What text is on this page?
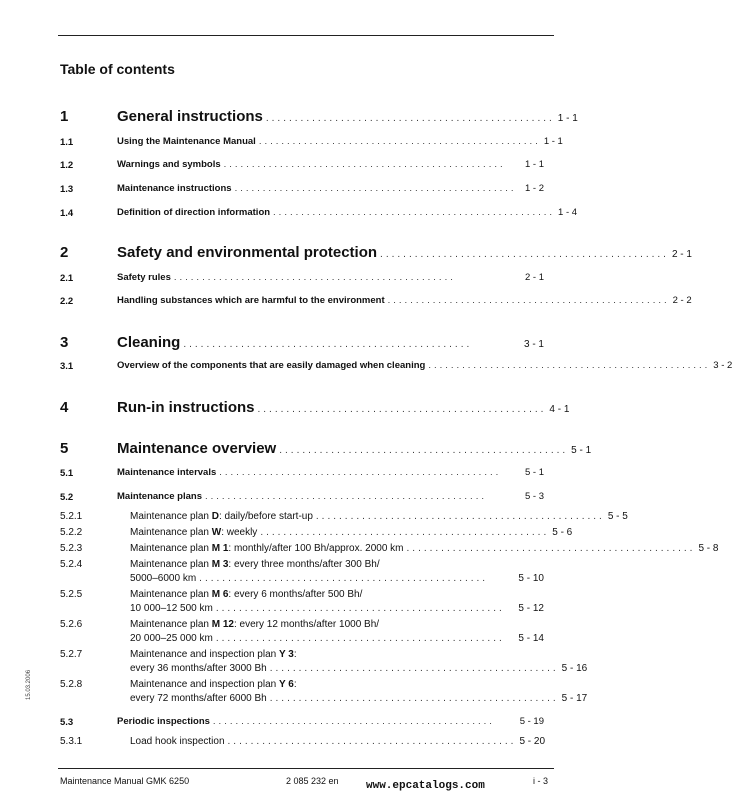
Table of contents
1	General instructions .................................................. 1 - 1
1.1	Using the Maintenance Manual .................................................. 1 - 1
1.2	Warnings and symbols ..................................................	1 - 1
1.3	Maintenance instructions .................................................. 1 - 2
1.4	Definition of direction information .................................................. 1 - 4
2	Safety and environmental protection .................................................. 2 - 1
2.1	Safety rules ..................................................	2 - 1
2.2	Handling substances which are harmful to the environment .................................................. 2 - 2
3	Cleaning ..................................................	3 - 1
3.1	Overview of the components that are easily damaged when cleaning .................................................. 3 - 2
4	Run-in instructions .................................................. 4 - 1
5	Maintenance overview .................................................. 5 - 1
5.1	Maintenance intervals ..................................................	5 - 1
5.2	Maintenance plans ..................................................	5 - 3
5.2.1	Maintenance plan D: daily/before start-up .................................................. 5 - 5
5.2.2	Maintenance plan W: weekly .................................................. 5 - 6
5.2.3	Maintenance plan M 1: monthly/after 100 Bh/approx. 2000 km .................................................. 5 - 8
5.2.4	Maintenance plan M 3: every three months/after 300 Bh/
5000–6000 km ..................................................	5 - 10
5.2.5	Maintenance plan M 6: every 6 months/after 500 Bh/
10 000–12 500 km ..................................................	5 - 12
5.2.6	Maintenance plan M 12: every 12 months/after 1000 Bh/
20 000–25 000 km ..................................................	5 - 14
5.2.7	Maintenance and inspection plan Y 3:
every 36 months/after 3000 Bh .................................................. 5 - 16
5.2.8	Maintenance and inspection plan Y 6:
every 72 months/after 6000 Bh .................................................. 5 - 17
5.3	Periodic inspections ..................................................	5 - 19
5.3.1	Load hook inspection .................................................. 5 - 20
15.03.2006
Maintenance Manual GMK 6250	2 085 232 en www.epcatalogs.com	i - 3
